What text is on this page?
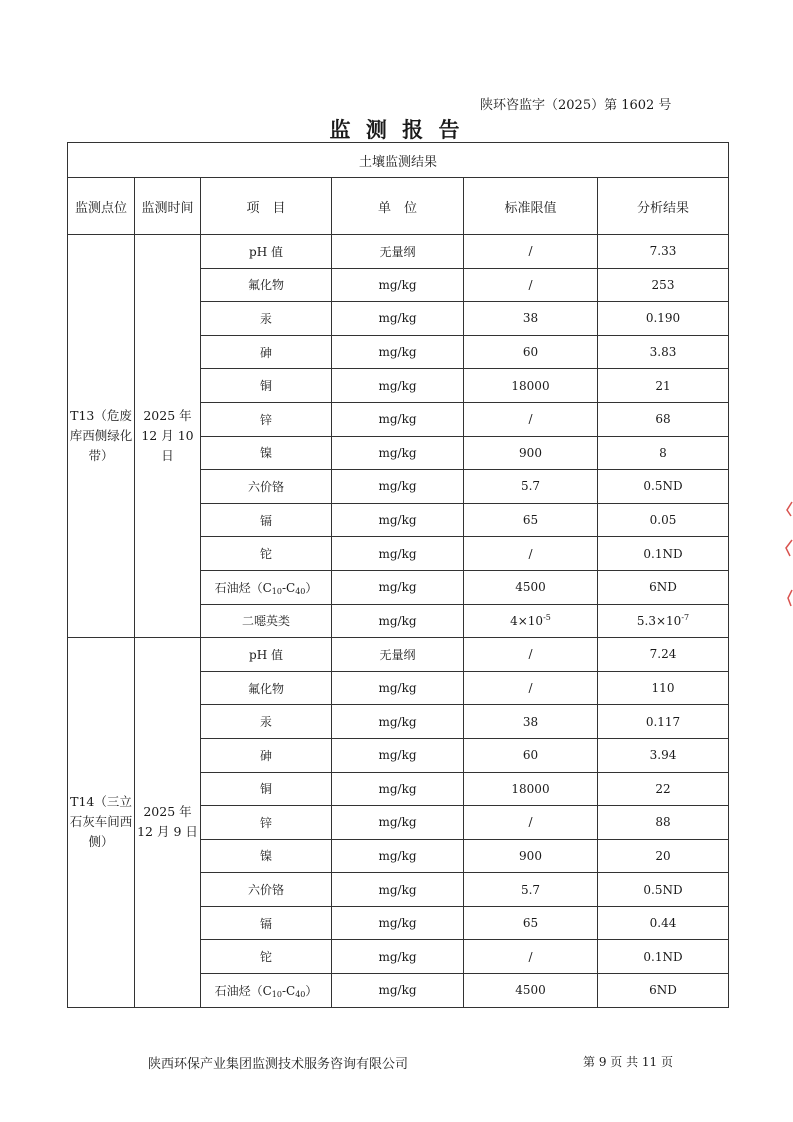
陕环咨监字（2025）第 1602 号
监 测 报 告
土壤监测结果					
监测点位	监测时间	项　目	单　位	标准限值	分析结果
T13（危废库西侧绿化带）	2025 年 12 月 10 日	pH 值	无量纲	/	7.33
		氟化物	mg/kg	/	253
		汞	mg/kg	38	0.190
		砷	mg/kg	60	3.83
		铜	mg/kg	18000	21
		锌	mg/kg	/	68
		镍	mg/kg	900	8
		六价铬	mg/kg	5.7	0.5ND
		镉	mg/kg	65	0.05
		铊	mg/kg	/	0.1ND
		石油烃$(C_{10}-C_{40})$	mg/kg	4500	6ND
		二噁英类	mg/kg	$4\times 10^{-5}$	$5.3\times 10^{-7}$
T14（三立石灰车间西侧）	2025 年 12 月 9 日	pH 值	无量纲	/	7.24
		氟化物	mg/kg	/	110
		汞	mg/kg	38	0.117
		砷	mg/kg	60	3.94
		铜	mg/kg	18000	22
		锌	mg/kg	/	88
		镍	mg/kg	900	20
		六价铬	mg/kg	5.7	0.5ND
		镉	mg/kg	65	0.44
		铊	mg/kg	/	0.1ND
		石油烃$(C_{10}-C_{40})$	mg/kg	4500	6ND
陕西环保产业集团监测技术服务咨询有限公司	第 9 页 共 11 页
